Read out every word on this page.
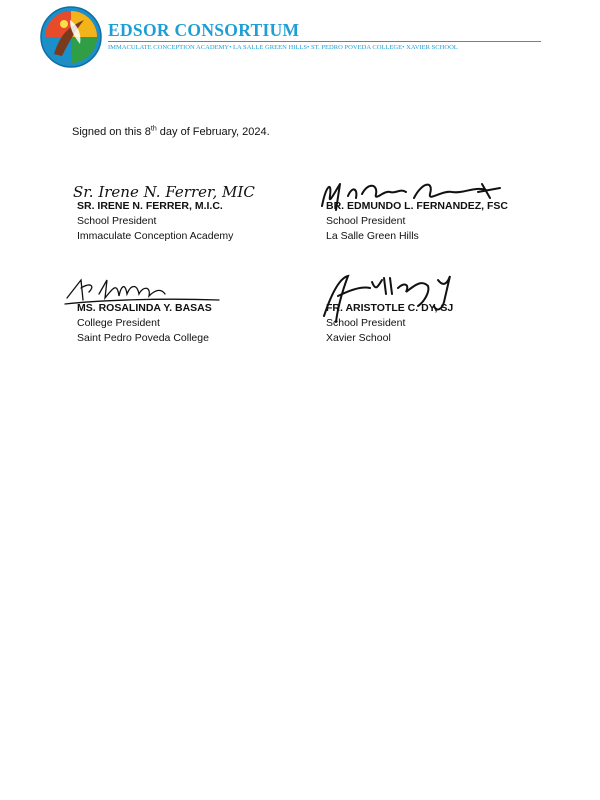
EDSOR CONSORTIUM
IMMACULATE CONCEPTION ACADEMY• LA SALLE GREEN HILLS• ST. PEDRO POVEDA COLLEGE• XAVIER SCHOOL
Signed on this 8th day of February, 2024.
Sr. Irene N. Ferrer, MIC
SR. IRENE N. FERRER, M.I.C.
School President
Immaculate Conception Academy
BR. EDMUNDO L. FERNANDEZ, FSC
School President
La Salle Green Hills
MS. ROSALINDA Y. BASAS
College President
Saint Pedro Poveda College
FR. ARISTOTLE C. DY, SJ
School President
Xavier School
